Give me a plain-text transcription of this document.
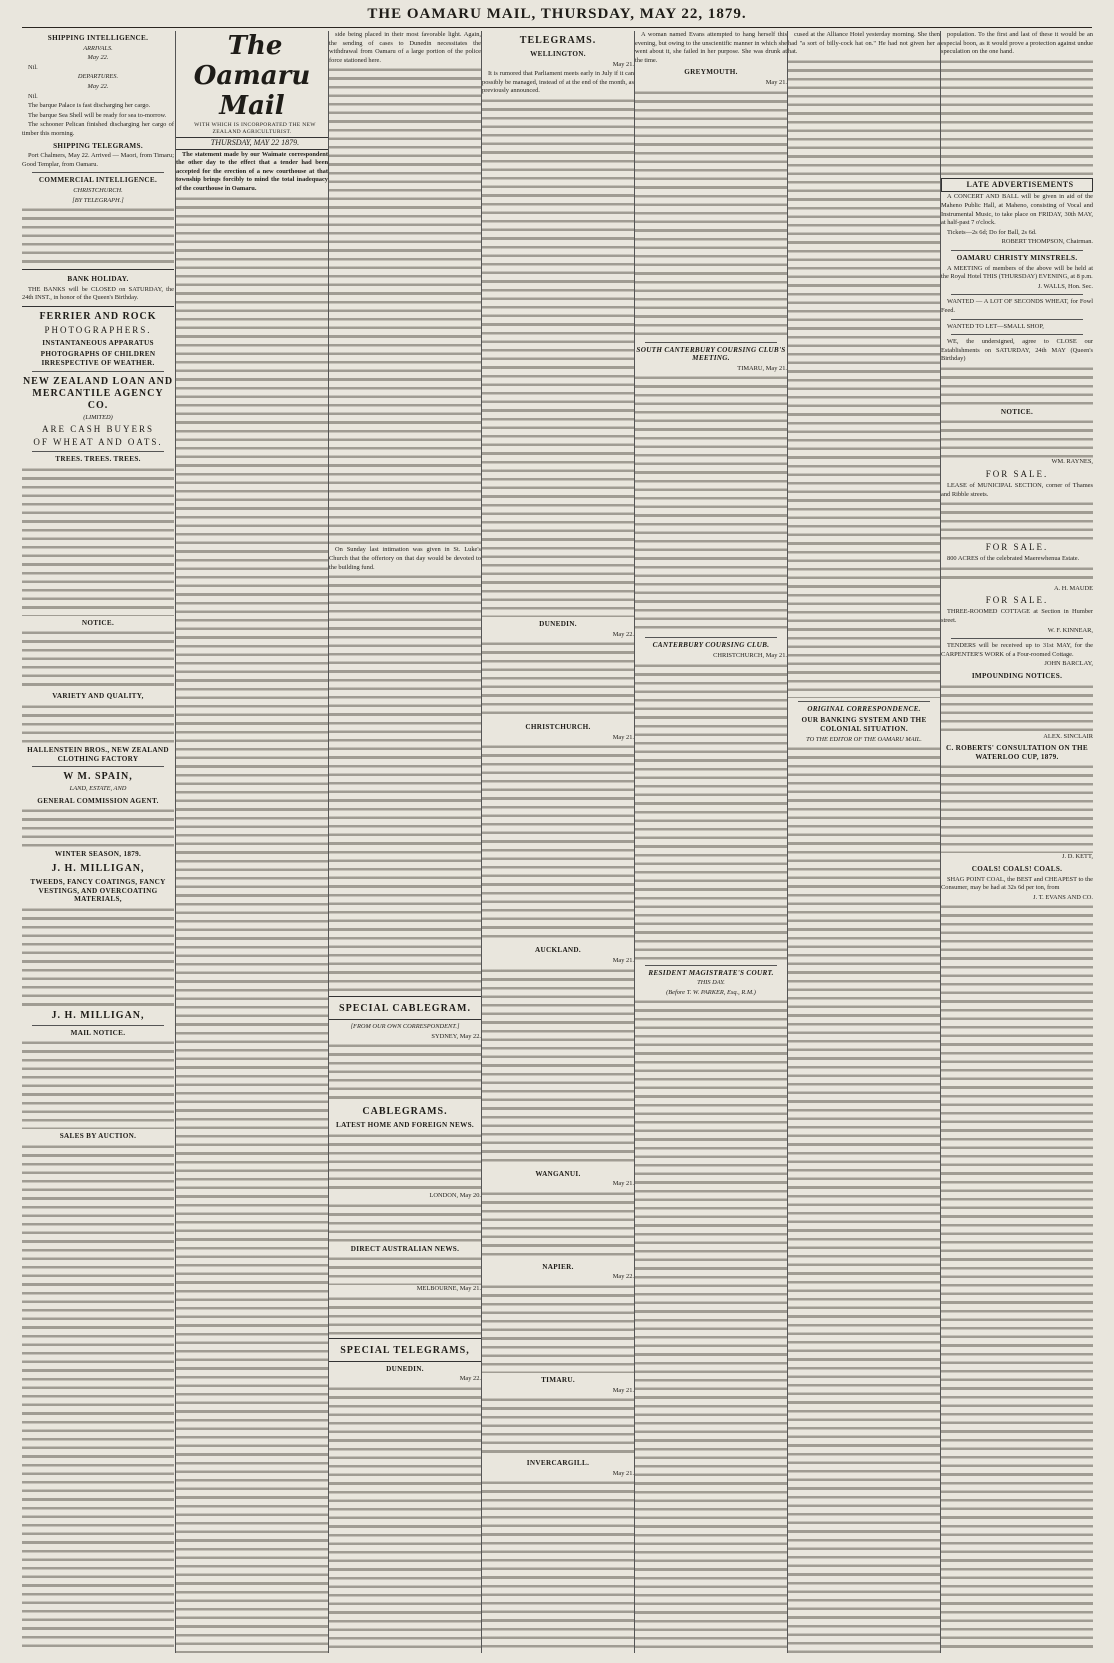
THE OAMARU MAIL, THURSDAY, MAY 22, 1879.

SHIPPING INTELLIGENCE.

ARRIVALS.

May 22.

Nil.

DEPARTURES.

May 22.

Nil.

The barque Palace is fast discharging her cargo.

The barque Sea Shell will be ready for sea to-morrow.

The schooner Pelican finished discharging her cargo of timber this morning.

SHIPPING TELEGRAMS.

Port Chalmers, May 22. Arrived — Maori, from Timaru; Good Templar, from Oamaru.

COMMERCIAL INTELLIGENCE.

CHRISTCHURCH.

[BY TELEGRAPH.]

BANK HOLIDAY.

THE BANKS will be CLOSED on SATURDAY, the 24th INST., in honor of the Queen's Birthday.

FERRIER AND ROCK

PHOTOGRAPHERS.

INSTANTANEOUS APPARATUS

PHOTOGRAPHS OF CHILDREN IRRESPECTIVE OF WEATHER.

NEW ZEALAND LOAN AND MERCANTILE AGENCY CO.

(LIMITED)

ARE CASH BUYERS

OF WHEAT AND OATS.

TREES. TREES. TREES.

NOTICE.

VARIETY AND QUALITY,

HALLENSTEIN BROS., NEW ZEALAND CLOTHING FACTORY

W M. SPAIN,

LAND, ESTATE, AND

GENERAL COMMISSION AGENT.

WINTER SEASON, 1879.

J. H. MILLIGAN,

TWEEDS, FANCY COATINGS, FANCY VESTINGS, AND OVERCOATING MATERIALS,

J. H. MILLIGAN,

MAIL NOTICE.

SALES BY AUCTION.

The Oamaru Mail

WITH WHICH IS INCORPORATED THE NEW ZEALAND AGRICULTURIST.

THURSDAY, MAY 22 1879.

The statement made by our Waimate correspondent the other day to the effect that a tender had been accepted for the erection of a new courthouse at that township brings forcibly to mind the total inadequacy of the courthouse in Oamaru.

side being placed in their most favorable light. Again, the sending of cases to Dunedin necessitates the withdrawal from Oamaru of a large portion of the police force stationed here.

On Sunday last intimation was given in St. Luke's Church that the offertory on that day would be devoted to the building fund.

SPECIAL CABLEGRAM.

[FROM OUR OWN CORRESPONDENT.]

SYDNEY, May 22.

CABLEGRAMS.

LATEST HOME AND FOREIGN NEWS.

LONDON, May 20.

DIRECT AUSTRALIAN NEWS.

MELBOURNE, May 21.

SPECIAL TELEGRAMS,

DUNEDIN.

May 22.

TELEGRAMS.

WELLINGTON.

May 21.

It is rumored that Parliament meets early in July if it can possibly be managed, instead of at the end of the month, as previously announced.

DUNEDIN.

May 22.

CHRISTCHURCH.

May 21.

AUCKLAND.

May 21.

WANGANUI.

May 21.

NAPIER.

May 22.

TIMARU.

May 21.

INVERCARGILL.

May 21.

A woman named Evans attempted to hang herself this evening, but owing to the unscientific manner in which she went about it, she failed in her purpose. She was drunk at the time.

GREYMOUTH.

May 21.

SOUTH CANTERBURY COURSING CLUB'S MEETING.

TIMARU, May 21.

CANTERBURY COURSING CLUB.

CHRISTCHURCH, May 21.

RESIDENT MAGISTRATE'S COURT.

THIS DAY.

(Before T. W. PARKER, Esq., R.M.)

cused at the Alliance Hotel yesterday morning. She then had "a sort of billy-cock hat on." He had not given her a hat.

ORIGINAL CORRESPONDENCE.

OUR BANKING SYSTEM AND THE COLONIAL SITUATION.

TO THE EDITOR OF THE OAMARU MAIL.

population. To the first and last of these it would be an especial boon, as it would prove a protection against undue speculation on the one hand.

LATE ADVERTISEMENTS

A CONCERT AND BALL will be given in aid of the Maheno Public Hall, at Maheno, consisting of Vocal and Instrumental Music, to take place on FRIDAY, 30th MAY, at half-past 7 o'clock.

Tickets—2s 6d; Do for Ball, 2s 6d.

ROBERT THOMPSON, Chairman.

OAMARU CHRISTY MINSTRELS.

A MEETING of members of the above will be held at the Royal Hotel THIS (THURSDAY) EVENING, at 8 p.m.

J. WALLS, Hon. Sec.

WANTED — A LOT OF SECONDS WHEAT, for Fowl Feed.

WANTED TO LET—SMALL SHOP,

WE, the undersigned, agree to CLOSE our Establishments on SATURDAY, 24th MAY (Queen's Birthday)

NOTICE.

WM. RAYNES,

FOR SALE.

LEASE of MUNICIPAL SECTION, corner of Thames and Ribble streets.

FOR SALE.

800 ACRES of the celebrated Maerewhenua Estate.

A. H. MAUDE

FOR SALE.

THREE-ROOMED COTTAGE at Section in Humber street.

W. F. KINNEAR,

TENDERS will be received up to 31st MAY, for the CARPENTER'S WORK of a Four-roomed Cottage.

JOHN BARCLAY,

IMPOUNDING NOTICES.

ALEX. SINCLAIR

C. ROBERTS' CONSULTATION ON THE WATERLOO CUP, 1879.

J. D. KETT,

COALS! COALS! COALS.

SHAG POINT COAL, the BEST and CHEAPEST to the Consumer, may be had at 32s 6d per ton, from

J. T. EVANS AND CO.
